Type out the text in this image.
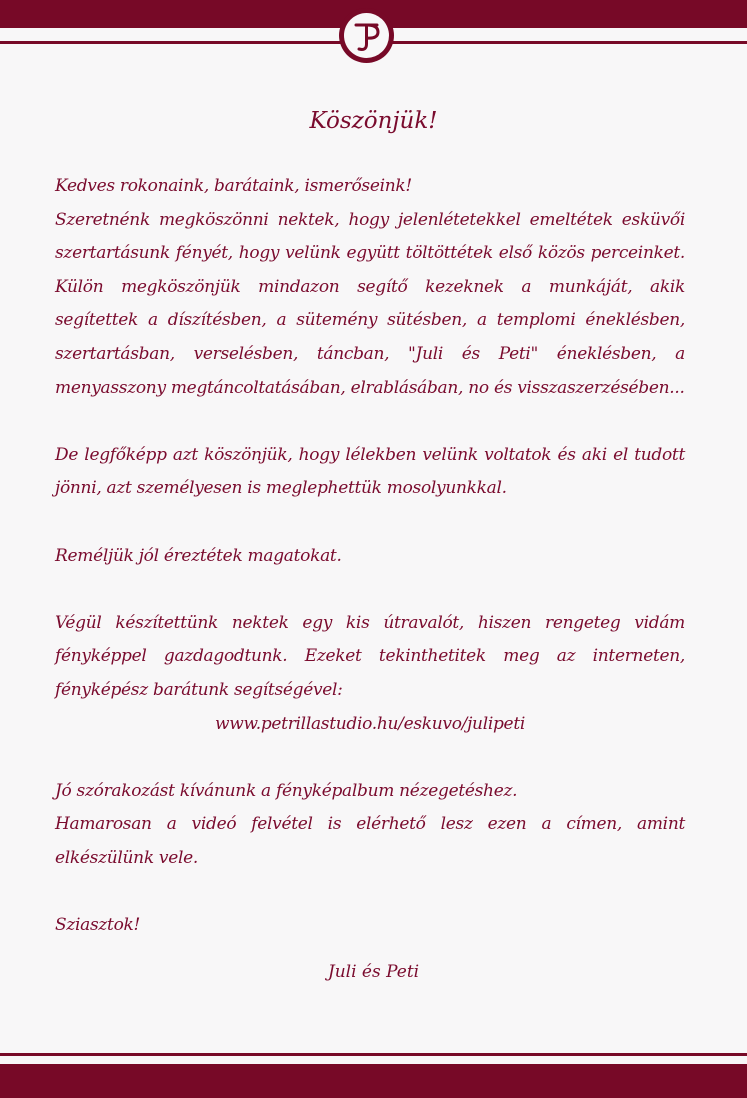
Köszönjük!

Kedves rokonaink, barátaink, ismerőseink!

Szeretnénk megköszönni nektek, hogy jelenlétetekkel emeltétek esküvői szertartásunk fényét, hogy velünk együtt töltöttétek első közös perceinket. Külön megköszönjük mindazon segítő kezeknek a munkáját, akik segítettek a díszítésben, a sütemény sütésben, a templomi éneklésben, szertartásban, verselésben, táncban, "Juli és Peti" éneklésben, a menyasszony megtáncoltatásában, elrablásában, no és visszaszerzésében...

De legfőképp azt köszönjük, hogy lélekben velünk voltatok és aki el tudott jönni, azt személyesen is meglephettük mosolyunkkal.

Reméljük jól éreztétek magatokat.

Végül készítettünk nektek egy kis útravalót, hiszen rengeteg vidám fényképpel gazdagodtunk. Ezeket tekinthetitek meg az interneten, fényképész barátunk segítségével:

www.petrillastudio.hu/eskuvo/julipeti

Jó szórakozást kívánunk a fényképalbum nézegetéshez.

Hamarosan a videó felvétel is elérhető lesz ezen a címen, amint elkészülünk vele.

Sziasztok!

Juli és Peti
